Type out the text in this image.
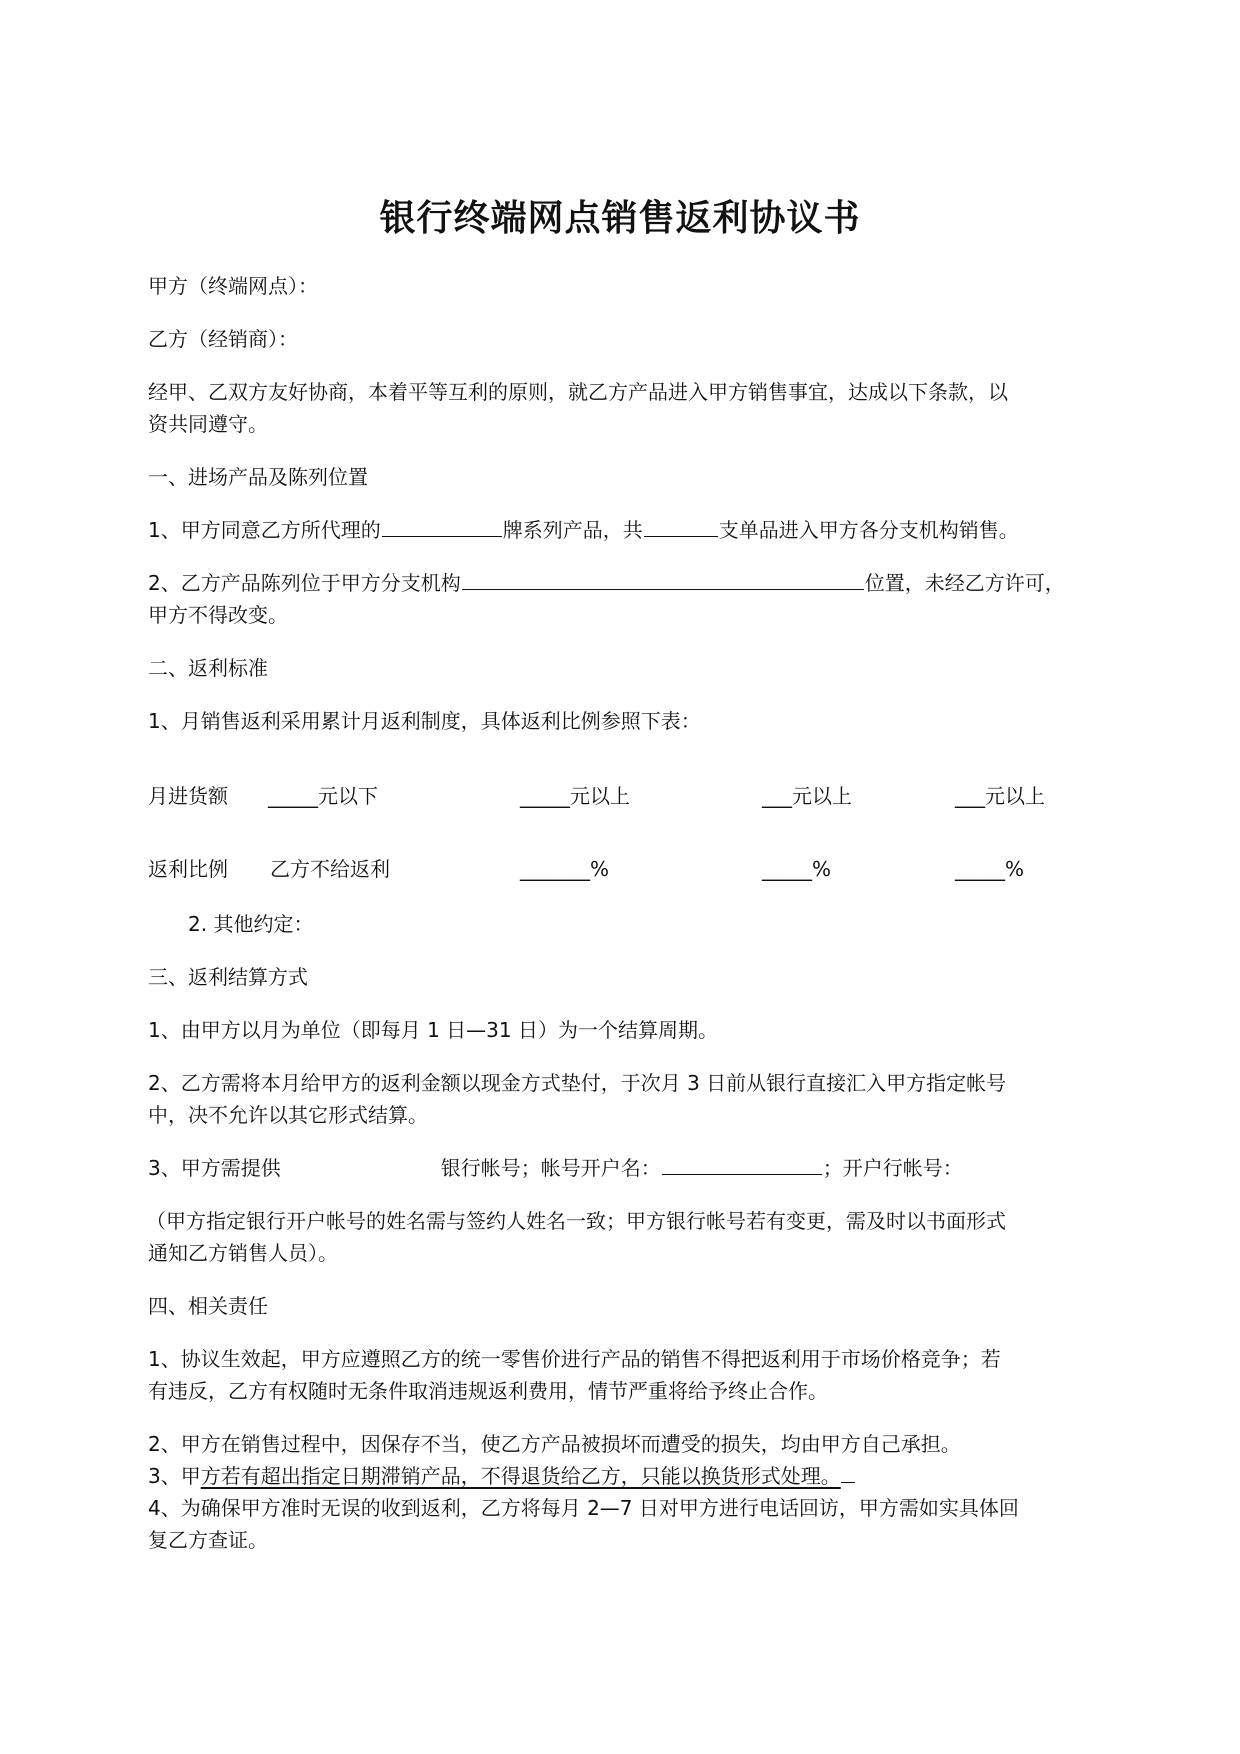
银行终端网点销售返利协议书
甲方（终端网点）：
乙方（经销商）：
经甲、乙双方友好协商，本着平等互利的原则，就乙方产品进入甲方销售事宜，达成以下条款，以
资共同遵守。
一、进场产品及陈列位置
1、甲方同意乙方所代理的	牌系列产品，共	支单品进入甲方各分支机构销售。
2、乙方产品陈列位于甲方分支机构	位置，未经乙方许可，
甲方不得改变。
二、返利标准
1、月销售返利采用累计月返利制度，具体返利比例参照下表：
月进货额 _____元以下	_____元以上	___元以上	___元以上
返利比例 乙方不给返利	_______%	_____%	_____%
2. 其他约定：
三、返利结算方式
1、由甲方以月为单位（即每月 1 日—31 日）为一个结算周期。
2、乙方需将本月给甲方的返利金额以现金方式垫付，于次月 3 日前从银行直接汇入甲方指定帐号
中，决不允许以其它形式结算。
3、甲方需提供	银行帐号；帐号开户名：	；开户行帐号：
（甲方指定银行开户帐号的姓名需与签约人姓名一致；甲方银行帐号若有变更，需及时以书面形式
通知乙方销售人员）。
四、相关责任
1、协议生效起，甲方应遵照乙方的统一零售价进行产品的销售不得把返利用于市场价格竞争；若
有违反，乙方有权随时无条件取消违规返利费用，情节严重将给予终止合作。
2、甲方在销售过程中，因保存不当，使乙方产品被损坏而遭受的损失，均由甲方自己承担。
3、甲方若有超出指定日期滞销产品，不得退货给乙方，只能以换货形式处理。
4、为确保甲方准时无误的收到返利，乙方将每月 2—7 日对甲方进行电话回访，甲方需如实具体回
复乙方查证。
